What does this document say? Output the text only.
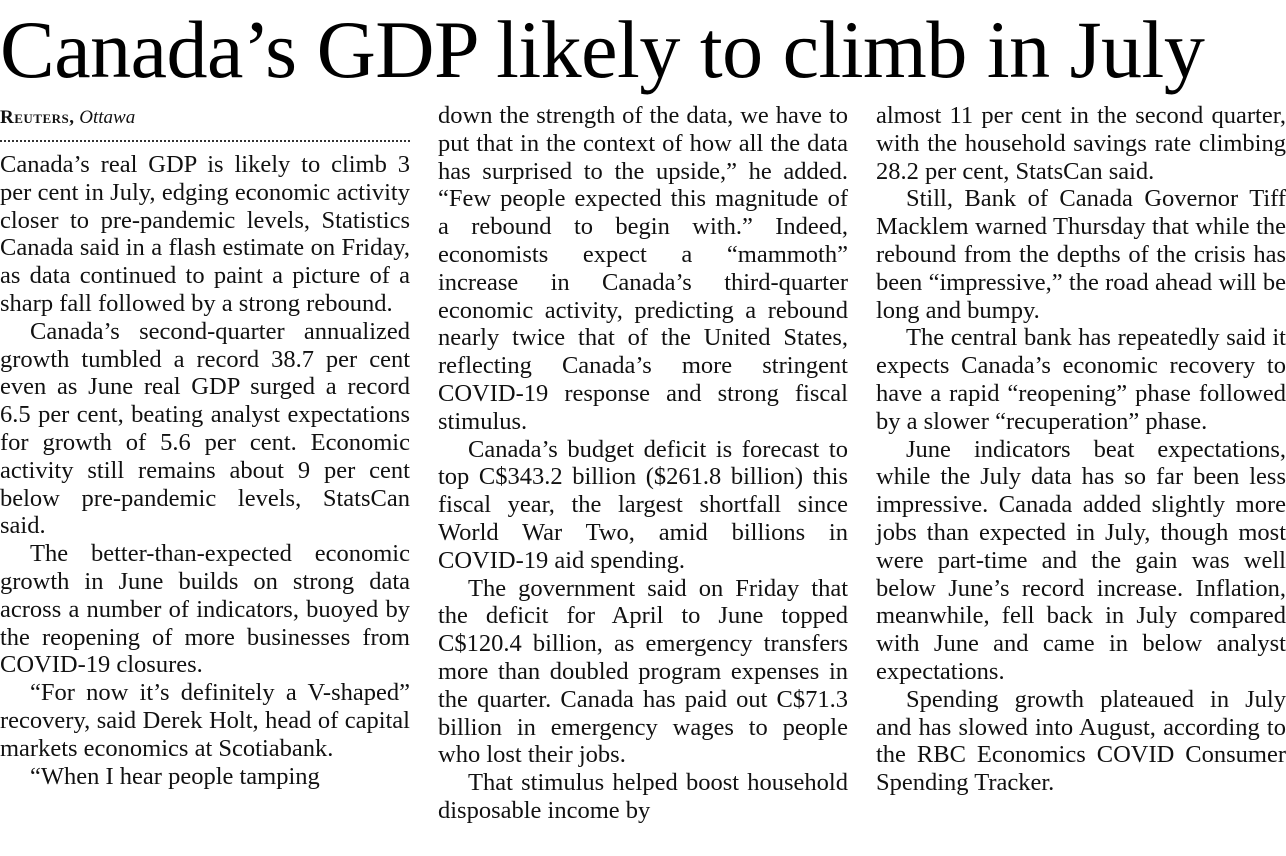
Canada’s GDP likely to climb in July
Reuters, Ottawa

Canada’s real GDP is likely to climb 3 per cent in July, edging economic activity closer to pre-pandemic levels, Statistics Canada said in a flash estimate on Friday, as data continued to paint a picture of a sharp fall followed by a strong rebound.

Canada’s second-quarter annualized growth tumbled a record 38.7 per cent even as June real GDP surged a record 6.5 per cent, beating analyst expectations for growth of 5.6 per cent. Economic activity still remains about 9 per cent below pre-pandemic levels, StatsCan said.

The better-than-expected economic growth in June builds on strong data across a number of indicators, buoyed by the reopening of more businesses from COVID-19 closures.

“For now it’s definitely a V-shaped” recovery, said Derek Holt, head of capital markets economics at Scotiabank.

“When I hear people tamping

down the strength of the data, we have to put that in the context of how all the data has surprised to the upside,” he added. “Few people expected this magnitude of a rebound to begin with.” Indeed, economists expect a “mammoth” increase in Canada’s third-quarter economic activity, predicting a rebound nearly twice that of the United States, reflecting Canada’s more stringent COVID-19 response and strong fiscal stimulus.

Canada’s budget deficit is forecast to top C$343.2 billion ($261.8 billion) this fiscal year, the largest shortfall since World War Two, amid billions in COVID-19 aid spending.

The government said on Friday that the deficit for April to June topped C$120.4 billion, as emergency transfers more than doubled program expenses in the quarter. Canada has paid out C$71.3 billion in emergency wages to people who lost their jobs.

That stimulus helped boost household disposable income by

almost 11 per cent in the second quarter, with the household savings rate climbing 28.2 per cent, StatsCan said.

Still, Bank of Canada Governor Tiff Macklem warned Thursday that while the rebound from the depths of the crisis has been “impressive,” the road ahead will be long and bumpy.

The central bank has repeatedly said it expects Canada’s economic recovery to have a rapid “reopening” phase followed by a slower “recuperation” phase.

June indicators beat expectations, while the July data has so far been less impressive. Canada added slightly more jobs than expected in July, though most were part-time and the gain was well below June’s record increase. Inflation, meanwhile, fell back in July compared with June and came in below analyst expectations.

Spending growth plateaued in July and has slowed into August, according to the RBC Economics COVID Consumer Spending Tracker.
